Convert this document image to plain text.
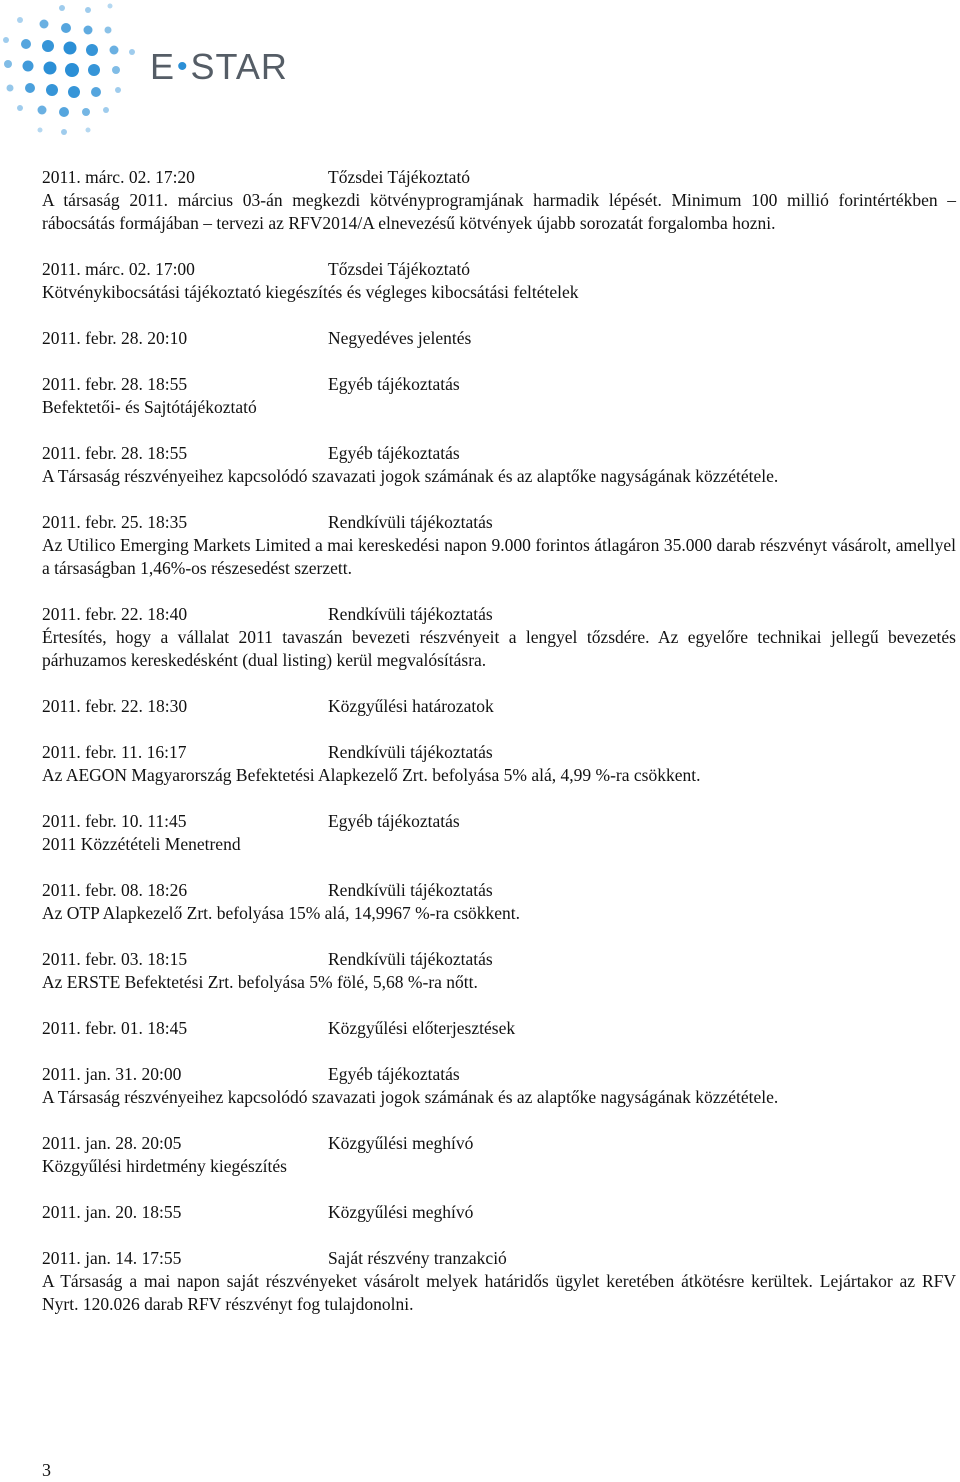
E•STAR
2011. márc. 02. 17:20	Tőzsdei Tájékoztató
A társaság 2011. március 03-án megkezdi kötvényprogramjának harmadik lépését. Minimum 100 millió forintértékben – rábocsátás formájában – tervezi az RFV2014/A elnevezésű kötvények újabb sorozatát forgalomba hozni.
2011. márc. 02. 17:00	Tőzsdei Tájékoztató
Kötvénykibocsátási tájékoztató kiegészítés és végleges kibocsátási feltételek
2011. febr. 28. 20:10	Negyedéves jelentés
2011. febr. 28. 18:55	Egyéb tájékoztatás
Befektetői- és Sajtótájékoztató
2011. febr. 28. 18:55	Egyéb tájékoztatás
A Társaság részvényeihez kapcsolódó szavazati jogok számának és az alaptőke nagyságának közzététele.
2011. febr. 25. 18:35	Rendkívüli tájékoztatás
Az Utilico Emerging Markets Limited a mai kereskedési napon 9.000 forintos átlagáron 35.000 darab részvényt vásárolt, amellyel a társaságban 1,46%-os részesedést szerzett.
2011. febr. 22. 18:40	Rendkívüli tájékoztatás
Értesítés, hogy a vállalat 2011 tavaszán bevezeti részvényeit a lengyel tőzsdére. Az egyelőre technikai jellegű bevezetés párhuzamos kereskedésként (dual listing) kerül megvalósításra.
2011. febr. 22. 18:30	Közgyűlési határozatok
2011. febr. 11. 16:17	Rendkívüli tájékoztatás
Az AEGON Magyarország Befektetési Alapkezelő Zrt. befolyása 5% alá, 4,99 %-ra csökkent.
2011. febr. 10. 11:45	Egyéb tájékoztatás
2011 Közzétételi Menetrend
2011. febr. 08. 18:26	Rendkívüli tájékoztatás
Az OTP Alapkezelő Zrt. befolyása 15% alá, 14,9967 %-ra csökkent.
2011. febr. 03. 18:15	Rendkívüli tájékoztatás
Az ERSTE Befektetési Zrt. befolyása 5% fölé, 5,68 %-ra nőtt.
2011. febr. 01. 18:45	Közgyűlési előterjesztések
2011. jan. 31. 20:00	Egyéb tájékoztatás
A Társaság részvényeihez kapcsolódó szavazati jogok számának és az alaptőke nagyságának közzététele.
2011. jan. 28. 20:05	Közgyűlési meghívó
Közgyűlési hirdetmény kiegészítés
2011. jan. 20. 18:55	Közgyűlési meghívó
2011. jan. 14. 17:55	Saját részvény tranzakció
A Társaság a mai napon saját részvényeket vásárolt melyek határidős ügylet keretében átkötésre kerültek. Lejártakor az RFV Nyrt. 120.026 darab RFV részvényt fog tulajdonolni.
3
